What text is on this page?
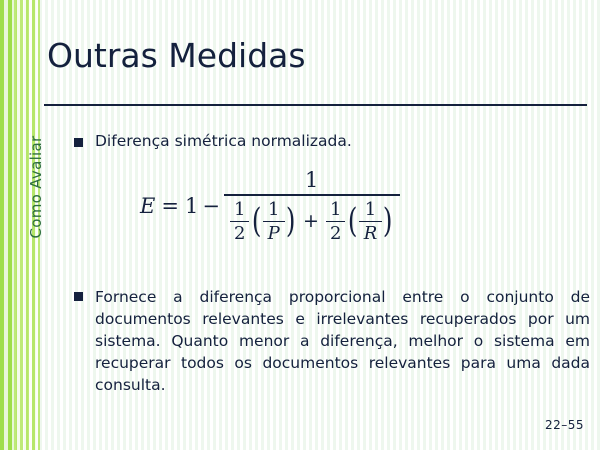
Como Avaliar
Outras Medidas
Diferença simétrica normalizada.
E = 1 −
1
$\frac{1}{2}$ ( $\frac{1}{P}$ ) + $\frac{1}{2}$ ( $\frac{1}{R}$ )
Fornece a diferença proporcional entre o conjunto de documentos relevantes e irrelevantes recuperados por um sistema. Quanto menor a diferença, melhor o sistema em recuperar todos os documentos relevantes para uma dada consulta.
22–55
